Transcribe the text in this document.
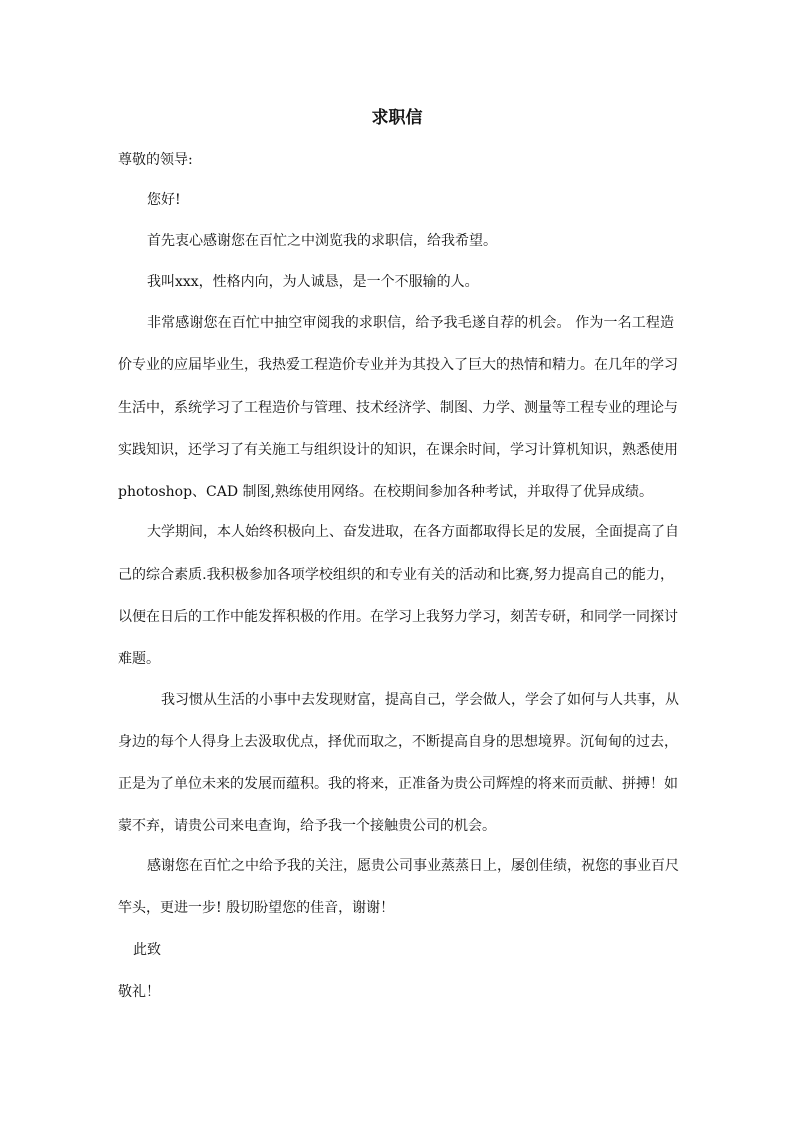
求职信
尊敬的领导:
您好!
首先衷心感谢您在百忙之中浏览我的求职信，给我希望。
我叫xxx，性格内向，为人诚恳，是一个不服输的人。
非常感谢您在百忙中抽空审阅我的求职信，给予我毛遂自荐的机会。 作为一名工程造
价专业的应届毕业生，我热爱工程造价专业并为其投入了巨大的热情和精力。在几年的学习
生活中，系统学习了工程造价与管理、技术经济学、制图、力学、测量等工程专业的理论与
实践知识，还学习了有关施工与组织设计的知识，在课余时间，学习计算机知识，熟悉使用
photoshop、CAD 制图,熟练使用网络。在校期间参加各种考试，并取得了优异成绩。
大学期间，本人始终积极向上、奋发进取，在各方面都取得长足的发展，全面提高了自
己的综合素质.我积极参加各项学校组织的和专业有关的活动和比赛,努力提高自己的能力，
以便在日后的工作中能发挥积极的作用。在学习上我努力学习，刻苦专研，和同学一同探讨
难题。
我习惯从生活的小事中去发现财富，提高自己，学会做人，学会了如何与人共事，从
身边的每个人得身上去汲取优点，择优而取之，不断提高自身的思想境界。沉甸甸的过去，
正是为了单位未来的发展而蕴积。我的将来，正准备为贵公司辉煌的将来而贡献、拼搏！如
蒙不弃，请贵公司来电查询，给予我一个接触贵公司的机会。
感谢您在百忙之中给予我的关注，愿贵公司事业蒸蒸日上，屡创佳绩，祝您的事业百尺
竿头，更进一步! 殷切盼望您的佳音，谢谢！
此致
敬礼！
